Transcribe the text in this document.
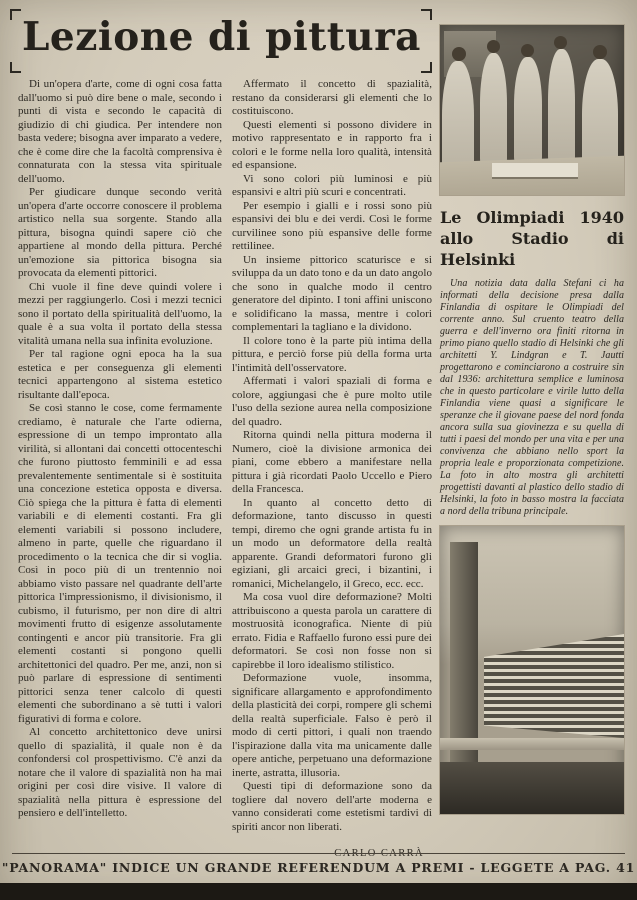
Lezione di pittura

Di un'opera d'arte, come di ogni cosa fatta dall'uomo si può dire bene o male, secondo i punti di vista e secondo le capacità di giudizio di chi giudica. Per intendere non basta vedere; bisogna aver imparato a vedere, che è come dire che la facoltà comprensiva è connaturata con la stessa vita spirituale dell'uomo.

Per giudicare dunque secondo verità un'opera d'arte occorre conoscere il problema artistico nella sua sorgente. Stando alla pittura, bisogna quindi sapere ciò che appartiene al mondo della pittura. Perché un'emozione sia pittorica bisogna sia provocata da elementi pittorici.

Chi vuole il fine deve quindi volere i mezzi per raggiungerlo. Così i mezzi tecnici sono il portato della spiritualità dell'uomo, la quale è a sua volta il portato della stessa vitalità umana nella sua infinita evoluzione.

Per tal ragione ogni epoca ha la sua estetica e per conseguenza gli elementi tecnici appartengono al sistema estetico risultante dall'epoca.

Se così stanno le cose, come fermamente crediamo, è naturale che l'arte odierna, espressione di un tempo improntato alla virilità, si allontani dai concetti ottocenteschi che furono piuttosto femminili e ad essa prevalentemente sentimentale si è sostituita una concezione estetica opposta e diversa. Ciò spiega che la pittura è fatta di elementi variabili e di elementi costanti. Fra gli elementi variabili si possono includere, almeno in parte, quelle che riguardano il procedimento o la tecnica che dir si voglia. Così in poco più di un trentennio noi abbiamo visto passare nel quadrante dell'arte pittorica l'impressionismo, il divisionismo, il cubismo, il futurismo, per non dire di altri movimenti frutto di esigenze assolutamente contingenti e ancor più transitorie. Fra gli elementi costanti si pongono quelli architettonici del quadro. Per me, anzi, non si può parlare di espressione di sentimenti pittorici senza tener calcolo di questi elementi che subordinano a sè tutti i valori figurativi di forma e colore.

Al concetto architettonico deve unirsi quello di spazialità, il quale non è da confondersi col prospettivismo. C'è anzi da notare che il valore di spazialità non ha mai origini per così dire visive. Il valore di spazialità nella pittura è espressione del pensiero e dell'intelletto.

Affermato il concetto di spazialità, restano da considerarsi gli elementi che lo costituiscono.

Questi elementi si possono dividere in motivo rappresentato e in rapporto fra i colori e le forme nella loro qualità, intensità ed espansione.

Vi sono colori più luminosi e più espansivi e altri più scuri e concentrati.

Per esempio i gialli e i rossi sono più espansivi dei blu e dei verdi. Così le forme curvilinee sono più espansive delle forme rettilinee.

Un insieme pittorico scaturisce e si sviluppa da un dato tono e da un dato angolo che sono in qualche modo il centro generatore del dipinto. I toni affini uniscono e solidificano la massa, mentre i colori complementari la tagliano e la dividono.

Il colore tono è la parte più intima della pittura, e perciò forse più della forma urta l'intimità dell'osservatore.

Affermati i valori spaziali di forma e colore, aggiungasi che è pure molto utile l'uso della sezione aurea nella composizione del quadro.

Ritorna quindi nella pittura moderna il Numero, cioè la divisione armonica dei piani, come ebbero a manifestare nella pittura i già ricordati Paolo Uccello e Piero della Francesca.

In quanto al concetto detto di deformazione, tanto discusso in questi tempi, diremo che ogni grande artista fu in un modo un deformatore della realtà apparente. Grandi deformatori furono gli egiziani, gli arcaici greci, i bizantini, i romanici, Michelangelo, il Greco, ecc. ecc.

Ma cosa vuol dire deformazione? Molti attribuiscono a questa parola un carattere di mostruosità iconografica. Niente di più errato. Fidia e Raffaello furono essi pure dei deformatori. Se così non fosse non si capirebbe il loro idealismo stilistico.

Deformazione vuole, insomma, significare allargamento e approfondimento della plasticità dei corpi, rompere gli schemi della realtà superficiale. Falso è però il modo di certi pittori, i quali non traendo l'ispirazione dalla vita ma unicamente dalle opere antiche, perpetuano una deformazione inerte, astratta, illusoria.

Questi tipi di deformazione sono da togliere dal novero dell'arte moderna e vanno considerati come estetismi tardivi di spiriti ancor non liberati.

CARLO CARRÀ
Le Olimpiadi 1940
allo Stadio di Helsinki
Una notizia data dalla Stefani ci ha informati della decisione presa dalla Finlandia di ospitare le Olimpiadi del corrente anno. Sul cruento teatro della guerra e dell'inverno ora finiti ritorna in primo piano quello stadio di Helsinki che gli architetti Y. Lindgran e T. Jautti progettarono e cominciarono a costruire sin dal 1936: architettura semplice e luminosa che in questo particolare e virile lutto della Finlandia viene quasi a significare le speranze che il giovane paese del nord fonda ancora sulla sua giovinezza e su quella di tutti i paesi del mondo per una vita e per una convivenza che abbiano nello sport la propria leale e proporzionata competizione. La foto in alto mostra gli architetti progettisti davanti al plastico dello stadio di Helsinki, la foto in basso mostra la facciata a nord della tribuna principale.
"PANORAMA" INDICE UN GRANDE REFERENDUM A PREMI - LEGGETE A PAG. 41
